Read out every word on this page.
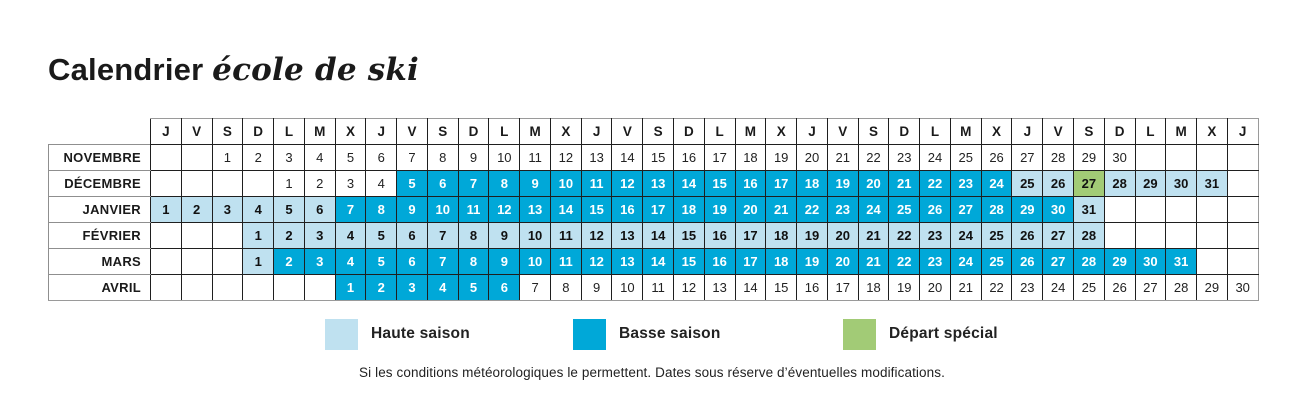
Calendrier école de ski
	J	V	S	D	L	M	X	J	V	S	D	L	M	X	J	V	S	D	L	M	X	J	V	S	D	L	M	X	J	V	S	D	L	M	X	J
NOVEMBRE			1	2	3	4	5	6	7	8	9	10	11	12	13	14	15	16	17	18	19	20	21	22	23	24	25	26	27	28	29	30				
DÉCEMBRE					1	2	3	4	5	6	7	8	9	10	11	12	13	14	15	16	17	18	19	20	21	22	23	24	25	26	27	28	29	30	31	
JANVIER	1	2	3	4	5	6	7	8	9	10	11	12	13	14	15	16	17	18	19	20	21	22	23	24	25	26	27	28	29	30	31					
FÉVRIER				1	2	3	4	5	6	7	8	9	10	11	12	13	14	15	16	17	18	19	20	21	22	23	24	25	26	27	28					
MARS				1	2	3	4	5	6	7	8	9	10	11	12	13	14	15	16	17	18	19	20	21	22	23	24	25	26	27	28	29	30	31		
AVRIL							1	2	3	4	5	6	7	8	9	10	11	12	13	14	15	16	17	18	19	20	21	22	23	24	25	26	27	28	29	30
Haute saison	Basse saison	Départ spécial

Si les conditions météorologiques le permettent. Dates sous réserve d’éventuelles modifications.
